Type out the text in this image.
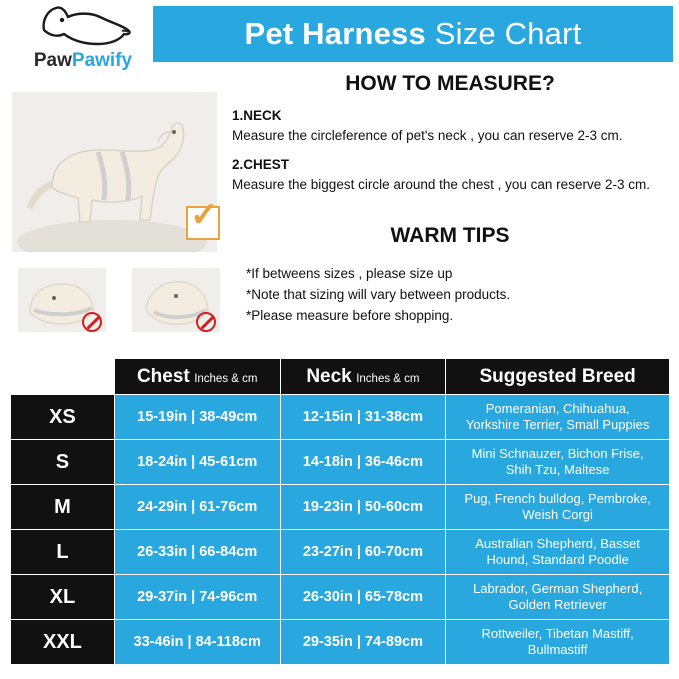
Pet Harness Size Chart
PawPawify
✓
HOW TO MEASURE?
1.NECK
Measure the circleference of pet's neck , you can reserve 2-3 cm.
2.CHEST
Measure the biggest circle around the chest , you can reserve 2-3 cm.
WARM TIPS
*If betweens sizes , please size up
*Note that sizing will vary between products.
*Please measure before shopping.
	Chest Inches & cm	Neck Inches & cm	Suggested Breed
XS	15-19in | 38-49cm	12-15in | 31-38cm	Pomeranian, Chihuahua,
Yorkshire Terrier, Small Puppies
S	18-24in | 45-61cm	14-18in | 36-46cm	Mini Schnauzer, Bichon Frise,
Shih Tzu, Maltese
M	24-29in | 61-76cm	19-23in | 50-60cm	Pug, French bulldog, Pembroke,
Weish Corgi
L	26-33in | 66-84cm	23-27in | 60-70cm	Australian Shepherd, Basset
Hound, Standard Poodle
XL	29-37in | 74-96cm	26-30in | 65-78cm	Labrador, German Shepherd,
Golden Retriever
XXL	33-46in | 84-118cm	29-35in | 74-89cm	Rottweiler, Tibetan Mastiff,
Bullmastiff
